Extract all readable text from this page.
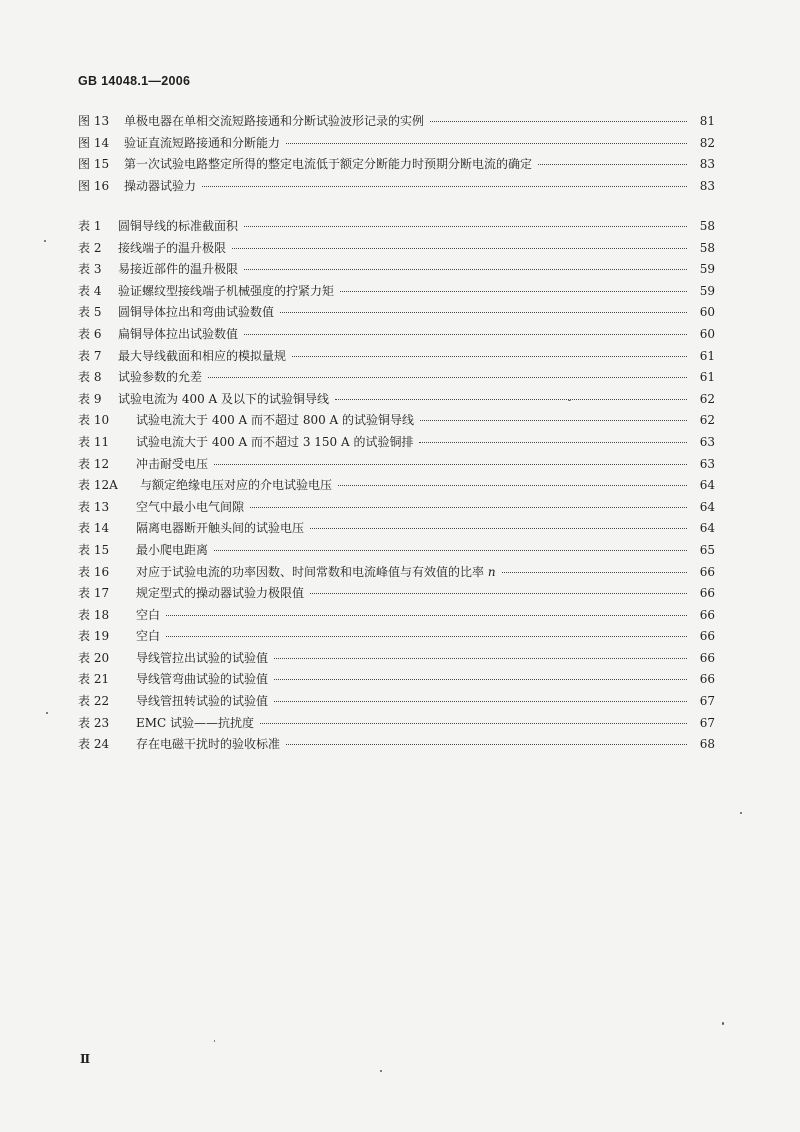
GB 14048.1—2006
图 13	单极电器在单相交流短路接通和分断试验波形记录的实例	81
图 14	验证直流短路接通和分断能力	82
图 15	第一次试验电路整定所得的整定电流低于额定分断能力时预期分断电流的确定	83
图 16	操动器试验力	83
表 1	圆铜导线的标准截面积	58
表 2	接线端子的温升极限	58
表 3	易接近部件的温升极限	59
表 4	验证螺纹型接线端子机械强度的拧紧力矩	59
表 5	圆铜导体拉出和弯曲试验数值	60
表 6	扁铜导体拉出试验数值	60
表 7	最大导线截面和相应的模拟量规	61
表 8	试验参数的允差	61
表 9	试验电流为 400 A 及以下的试验铜导线	62
表 10	试验电流大于 400 A 而不超过 800 A 的试验铜导线	62
表 11	试验电流大于 400 A 而不超过 3 150 A 的试验铜排	63
表 12	冲击耐受电压	63
表 12A	与额定绝缘电压对应的介电试验电压	64
表 13	空气中最小电气间隙	64
表 14	隔离电器断开触头间的试验电压	64
表 15	最小爬电距离	65
表 16	对应于试验电流的功率因数、时间常数和电流峰值与有效值的比率 n	66
表 17	规定型式的操动器试验力极限值	66
表 18	空白	66
表 19	空白	66
表 20	导线管拉出试验的试验值	66
表 21	导线管弯曲试验的试验值	66
表 22	导线管扭转试验的试验值	67
表 23	EMC 试验——抗扰度	67
表 24	存在电磁干扰时的验收标准	68
Ⅱ
